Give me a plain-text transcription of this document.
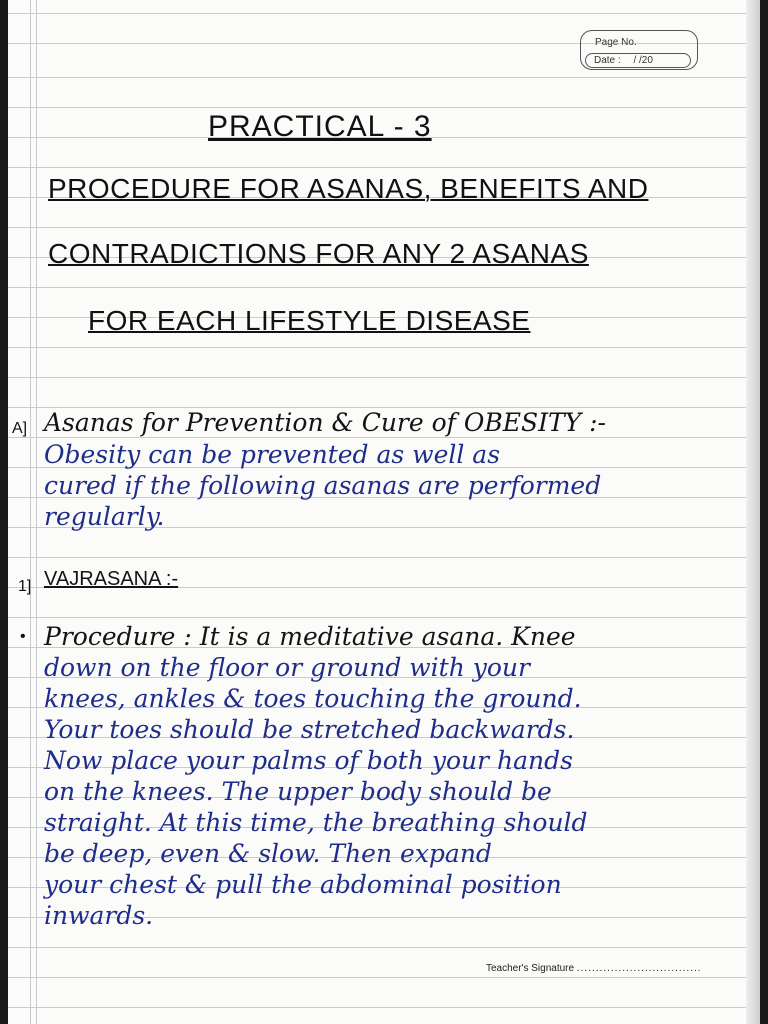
Page No.
Date : / /20
PRACTICAL - 3
PROCEDURE FOR ASANAS, BENEFITS AND
CONTRADICTIONS FOR ANY 2 ASANAS
FOR EACH LIFESTYLE DISEASE
A] Asanas for Prevention & Cure of OBESITY :-
Obesity can be prevented as well as
cured if the following asanas are performed
regularly.
1] VAJRASANA :-
• Procedure : It is a meditative asana. Knee
down on the floor or ground with your
knees, ankles & toes touching the ground.
Your toes should be stretched backwards.
Now place your palms of both your hands
on the knees. The upper body should be
straight. At this time, the breathing should
be deep, even & slow. Then expand
your chest & pull the abdominal position
inwards.
Teacher's Signature .................................
